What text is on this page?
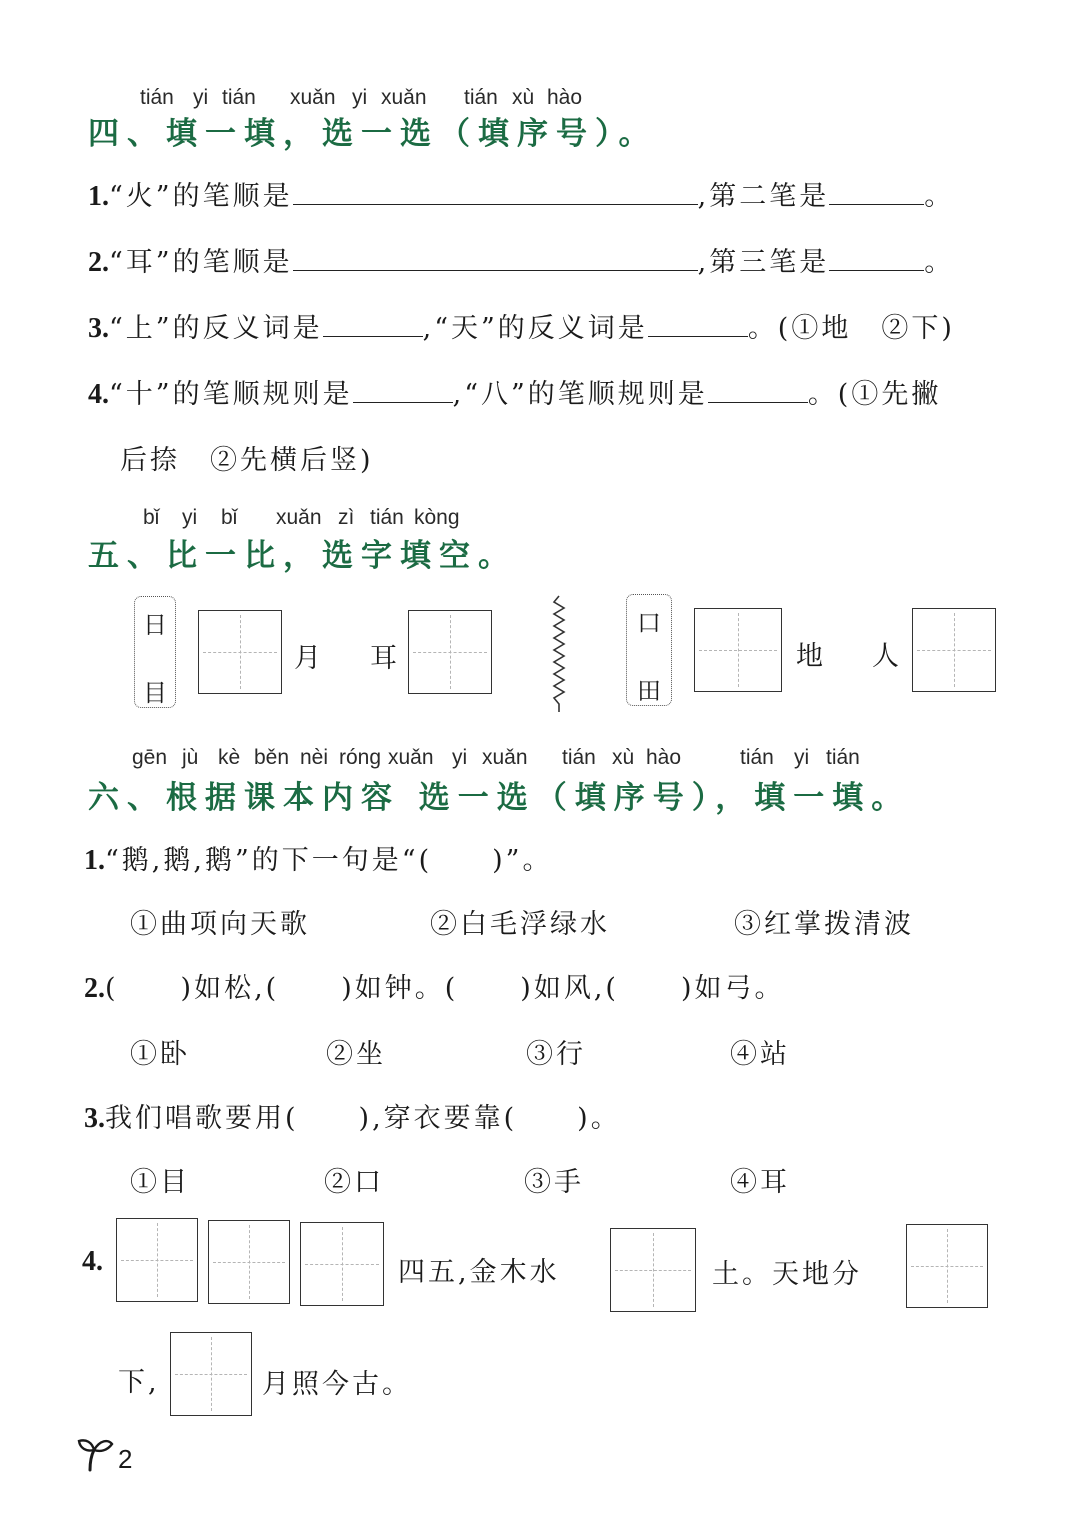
tián yi tián xuǎn yi xuǎn tián xù hào
四、填一填，选一选（填序号）。
1.“火”的笔顺是	,第二笔是	。
2.“耳”的笔顺是	,第三笔是	。
3.“上”的反义词是	,“天”的反义词是	。(①地　②下)
4.“十”的笔顺规则是	,“八”的笔顺规则是	。(①先撇
后捺　②先横后竖)
bǐ yi bǐ xuǎn zì tián kòng
五、比一比，选字填空。
日
目
月 耳
口
田
地 人
gēn jù kè běn nèi róng xuǎn yi xuǎn tián xù hào	tián yi tián
六、根据课本内容 选一选（填序号），填一填。
1.“鹅,鹅,鹅”的下一句是“(　　)”。
①曲项向天歌	②白毛浮绿水	③红掌拨清波
2.( )如松,( )如钟。( )如风,( )如弓。
①卧	②坐	③行	④站
3.我们唱歌要用(　　),穿衣要靠(　　)。
①目	②口	③手	④耳
4.	四五,金木水	土。天地分
下,	月照今古。
2
